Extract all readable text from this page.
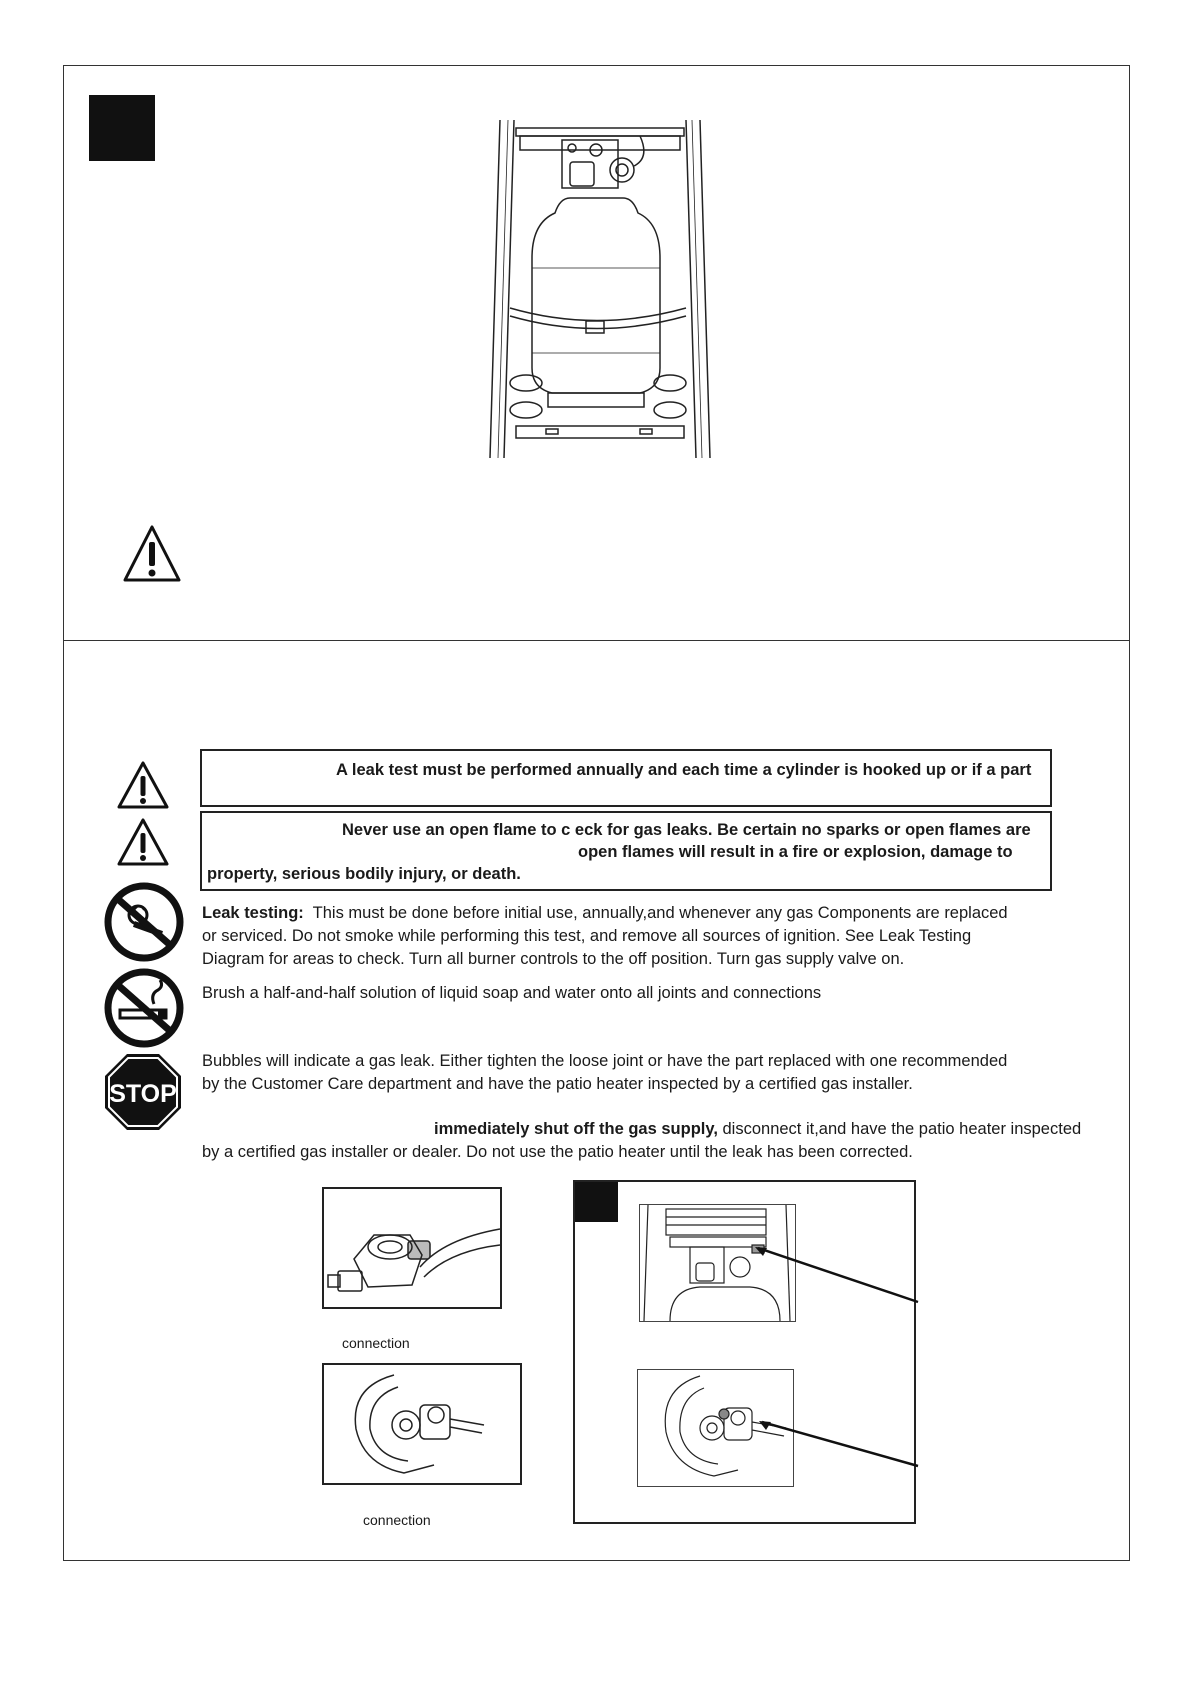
STOP
A leak test must be performed annually and each time a cylinder is hooked up or if a part
Never use an open flame to c eck for gas leaks. Be certain no sparks or open flames are
open flames will result in a fire or explosion, damage to
property, serious bodily injury, or death.
Leak testing: This must be done before initial use, annually,and whenever any gas Components are replaced
or serviced. Do not smoke while performing this test, and remove all sources of ignition. See Leak Testing
Diagram for areas to check. Turn all burner controls to the off position. Turn gas supply valve on.
Brush a half-and-half solution of liquid soap and water onto all joints and connections
Bubbles will indicate a gas leak. Either tighten the loose joint or have the part replaced with one recommended
by the Customer Care department and have the patio heater inspected by a certified gas installer.
immediately shut off the gas supply, disconnect it,and have the patio heater inspected
by a certified gas installer or dealer. Do not use the patio heater until the leak has been corrected.
connection
connection
